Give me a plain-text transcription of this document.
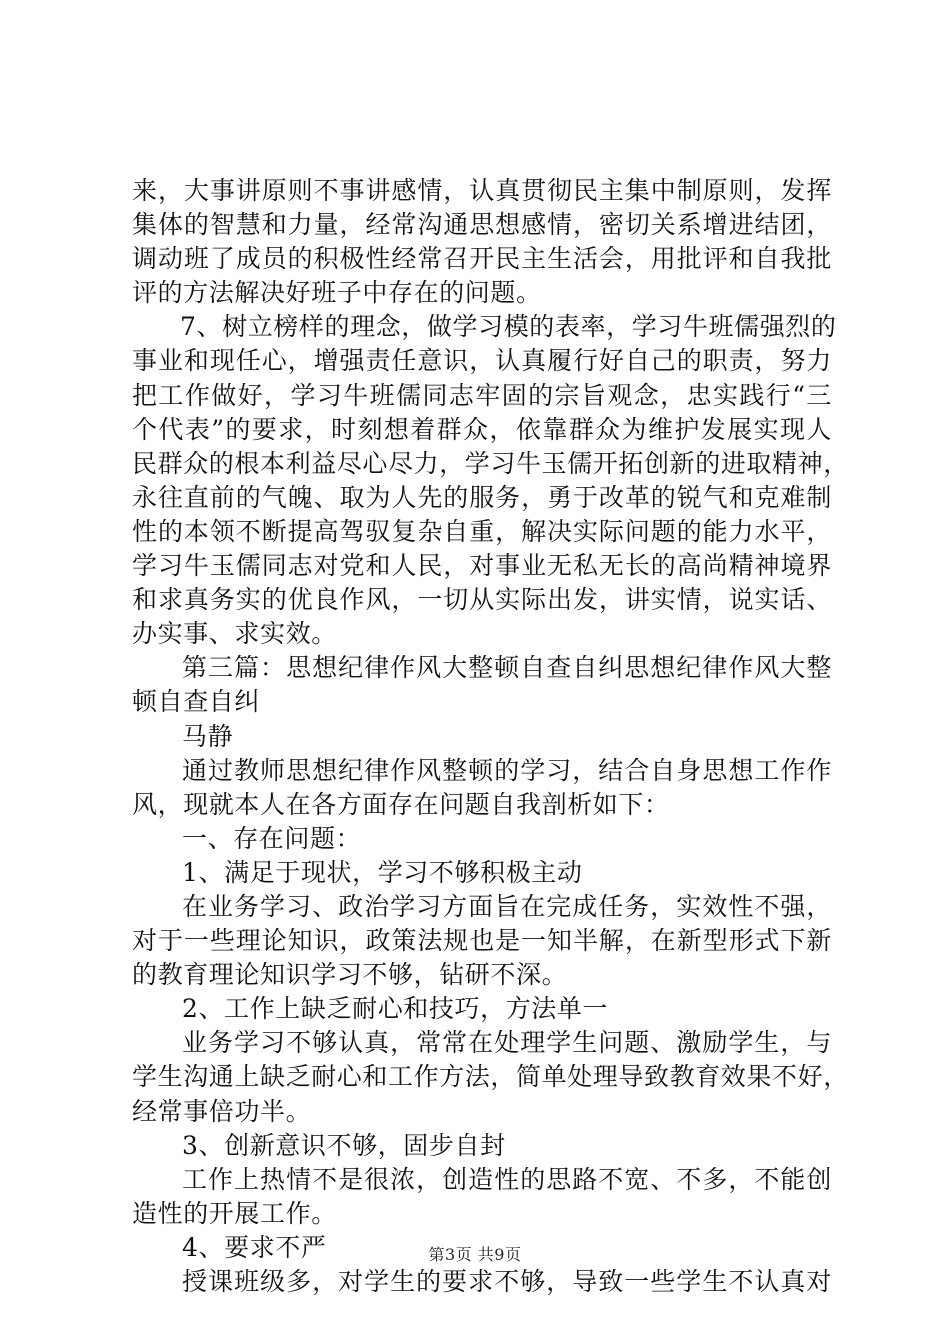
来，大事讲原则不事讲感情，认真贯彻民主集中制原则，发挥
集体的智慧和力量，经常沟通思想感情，密切关系增进结团，
调动班了成员的积极性经常召开民主生活会，用批评和自我批
评的方法解决好班子中存在的问题。
7、树立榜样的理念，做学习模的表率，学习牛班儒强烈的
事业和现任心，增强责任意识，认真履行好自己的职责，努力
把工作做好，学习牛班儒同志牢固的宗旨观念，忠实践行“三
个代表”的要求，时刻想着群众，依靠群众为维护发展实现人
民群众的根本利益尽心尽力，学习牛玉儒开拓创新的进取精神，
永往直前的气魄、取为人先的服务，勇于改革的锐气和克难制
性的本领不断提高驾驭复杂自重，解决实际问题的能力水平，
学习牛玉儒同志对党和人民，对事业无私无长的高尚精神境界
和求真务实的优良作风，一切从实际出发，讲实情，说实话、
办实事、求实效。
第三篇：思想纪律作风大整顿自查自纠思想纪律作风大整
顿自查自纠
马静
通过教师思想纪律作风整顿的学习，结合自身思想工作作
风，现就本人在各方面存在问题自我剖析如下：
一、存在问题：
1、满足于现状，学习不够积极主动
在业务学习、政治学习方面旨在完成任务，实效性不强，
对于一些理论知识，政策法规也是一知半解，在新型形式下新
的教育理论知识学习不够，钻研不深。
2、工作上缺乏耐心和技巧，方法单一
业务学习不够认真，常常在处理学生问题、激励学生，与
学生沟通上缺乏耐心和工作方法，简单处理导致教育效果不好，
经常事倍功半。
3、创新意识不够，固步自封
工作上热情不是很浓，创造性的思路不宽、不多，不能创
造性的开展工作。
4、要求不严
授课班级多，对学生的要求不够，导致一些学生不认真对
第3页 共9页
